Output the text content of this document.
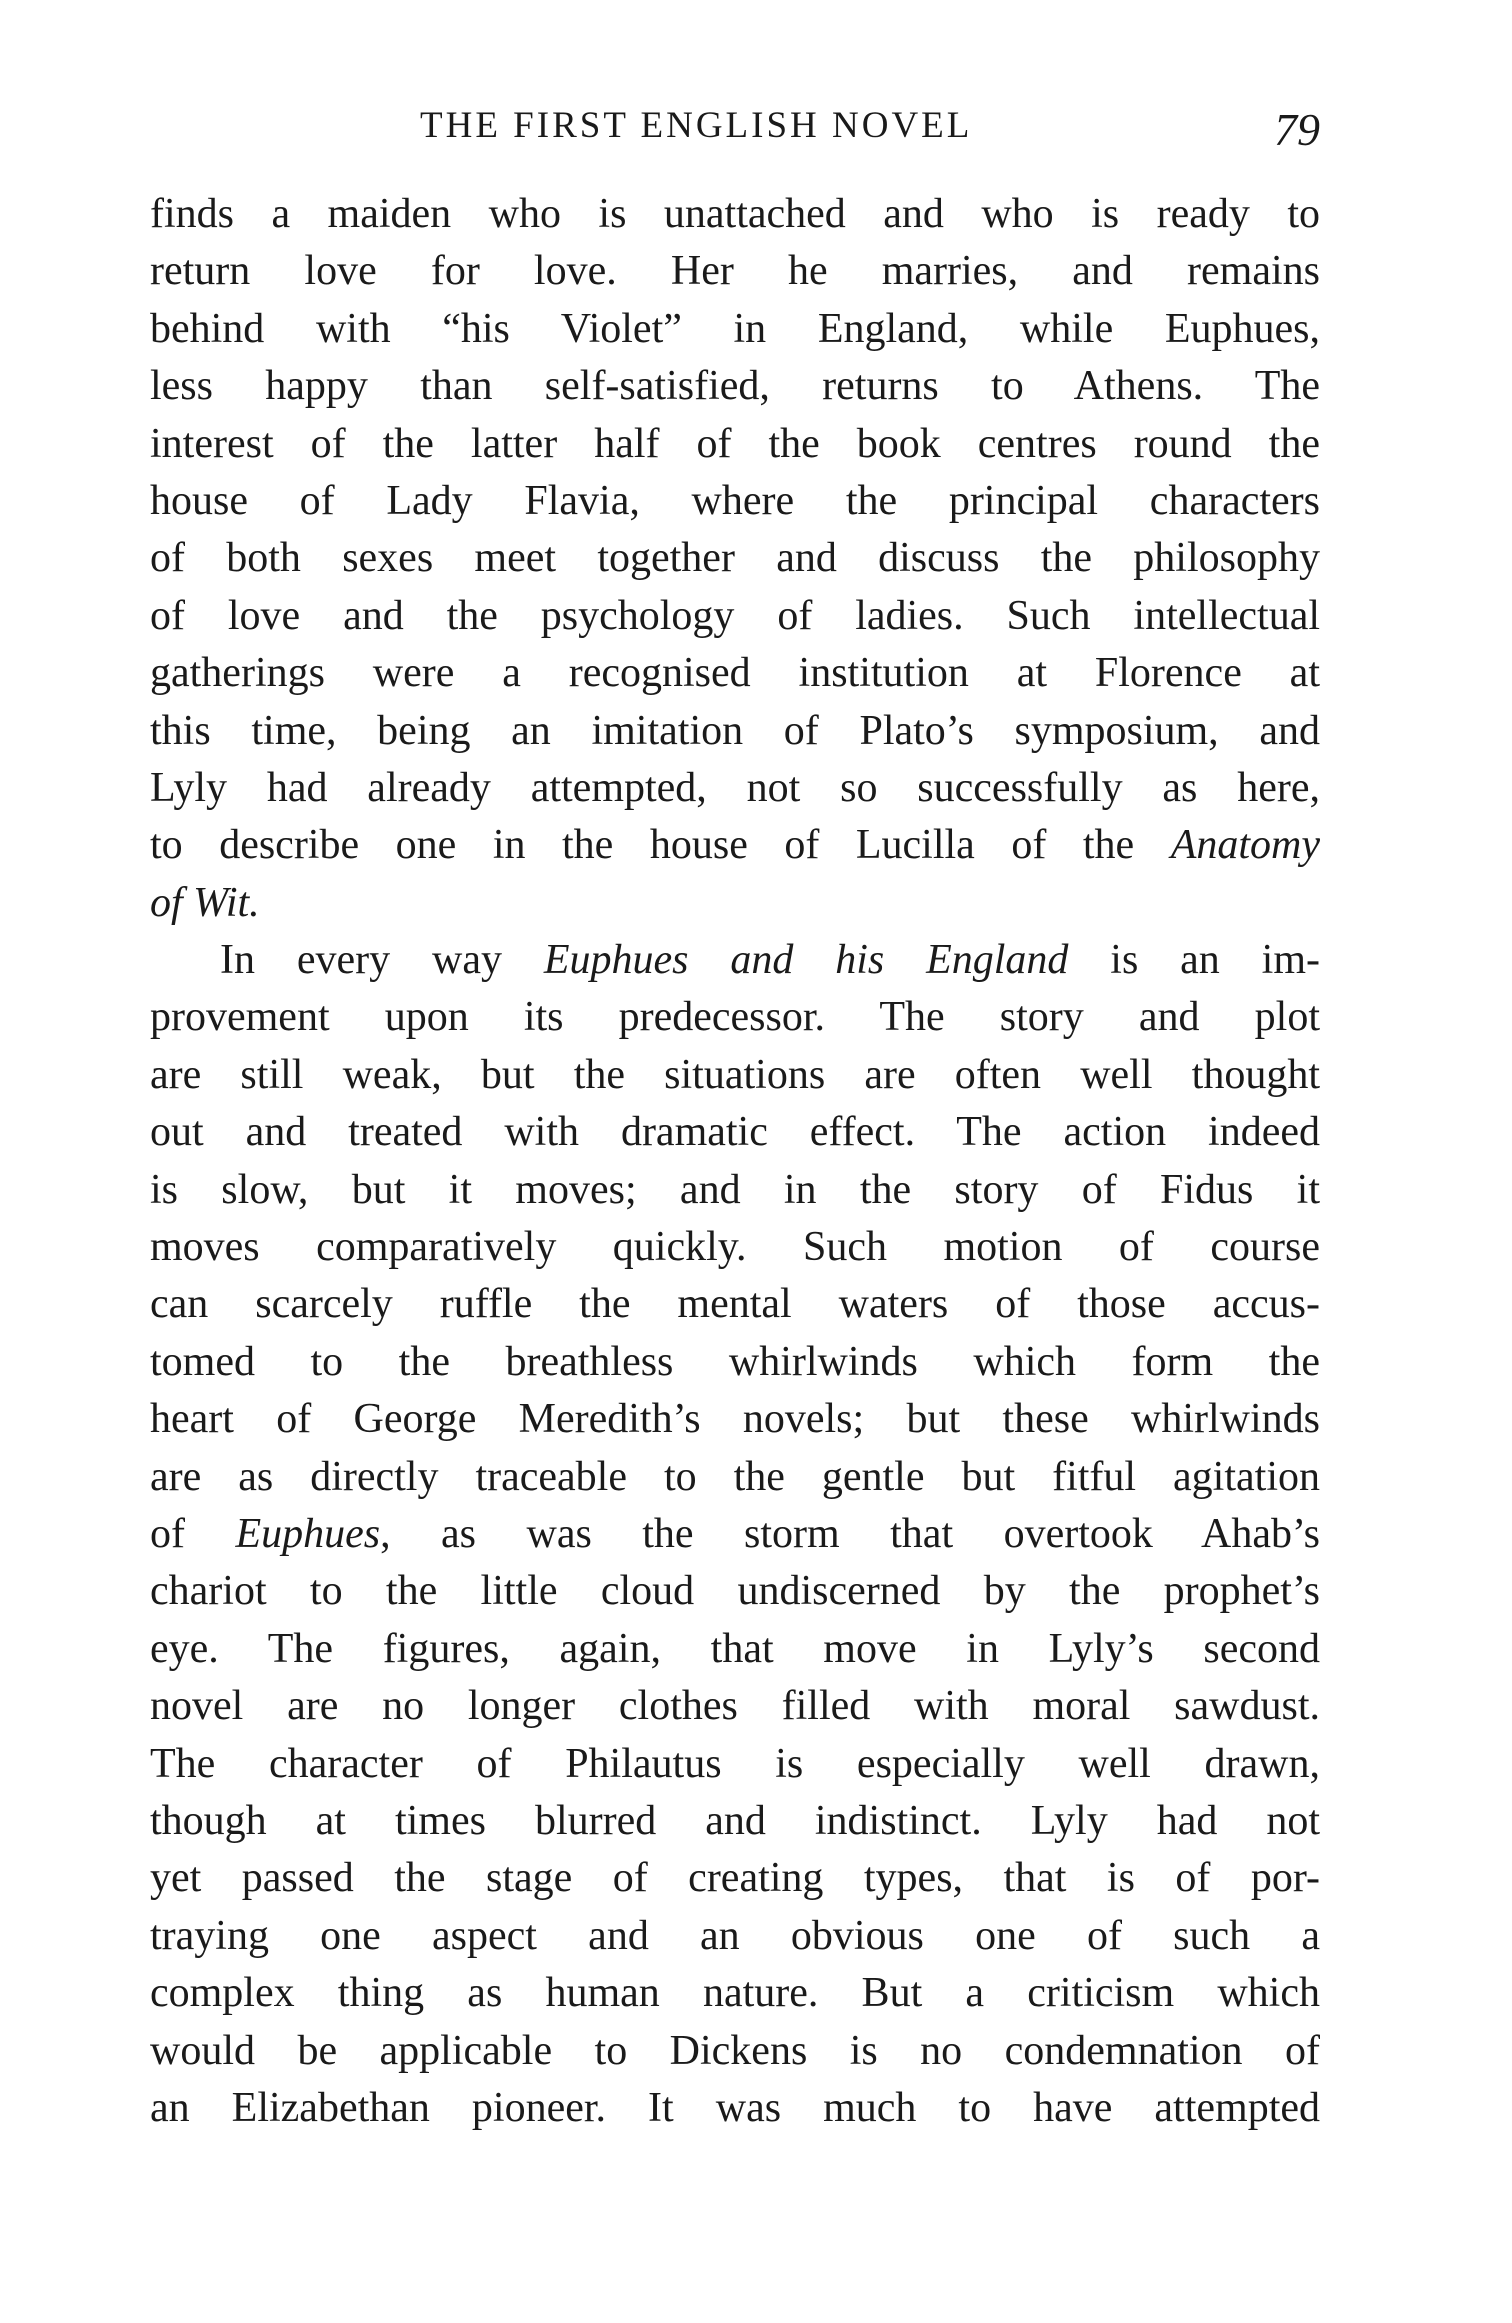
THE FIRST ENGLISH NOVEL	79
finds a maiden who is unattached and who is ready to
return love for love. Her he marries, and remains
behind with “his Violet” in England, while Euphues,
less happy than self-satisfied, returns to Athens. The
interest of the latter half of the book centres round the
house of Lady Flavia, where the principal characters
of both sexes meet together and discuss the philosophy
of love and the psychology of ladies. Such intellectual
gatherings were a recognised institution at Florence at
this time, being an imitation of Plato’s symposium, and
Lyly had already attempted, not so successfully as here,
to describe one in the house of Lucilla of the Anatomy
of Wit.
In every way Euphues and his England is an im-
provement upon its predecessor. The story and plot
are still weak, but the situations are often well thought
out and treated with dramatic effect. The action indeed
is slow, but it moves; and in the story of Fidus it
moves comparatively quickly. Such motion of course
can scarcely ruffle the mental waters of those accus-
tomed to the breathless whirlwinds which form the
heart of George Meredith’s novels; but these whirlwinds
are as directly traceable to the gentle but fitful agitation
of Euphues, as was the storm that overtook Ahab’s
chariot to the little cloud undiscerned by the prophet’s
eye. The figures, again, that move in Lyly’s second
novel are no longer clothes filled with moral sawdust.
The character of Philautus is especially well drawn,
though at times blurred and indistinct. Lyly had not
yet passed the stage of creating types, that is of por-
traying one aspect and an obvious one of such a
complex thing as human nature. But a criticism which
would be applicable to Dickens is no condemnation of
an Elizabethan pioneer. It was much to have attempted
